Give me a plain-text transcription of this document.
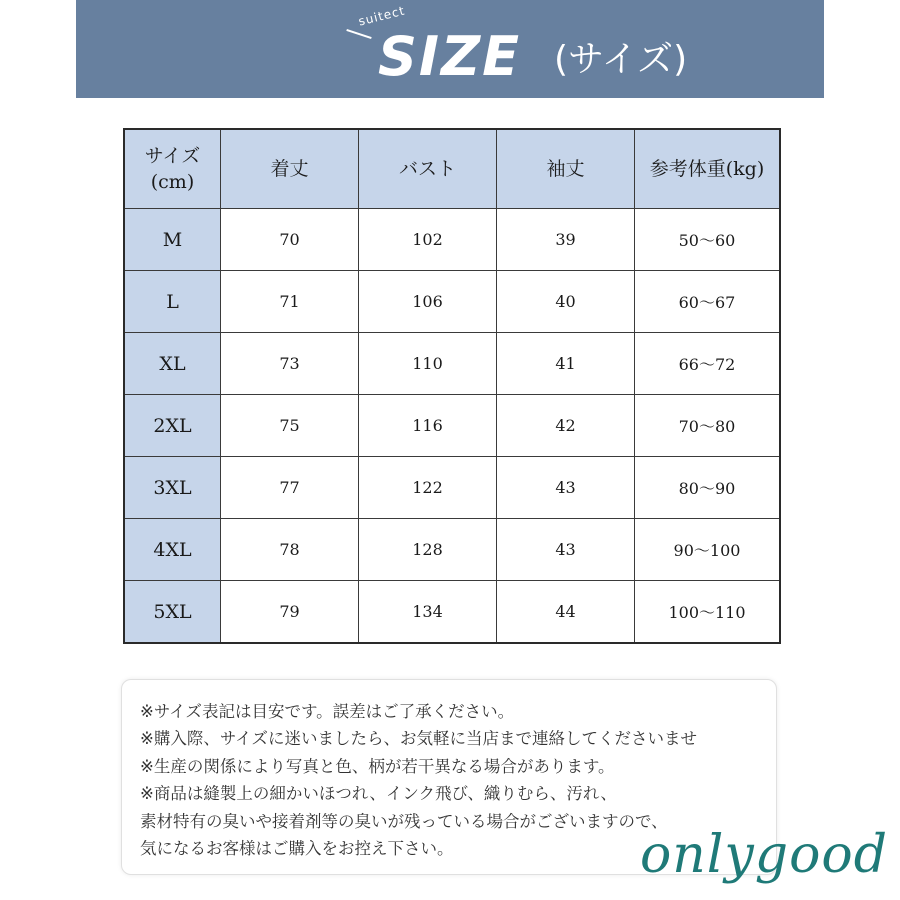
suitect
SIZE (サイズ)
サイズ
(cm)	着丈	バスト	袖丈	参考体重(kg)
M	70	102	39	50〜60
L	71	106	40	60〜67
XL	73	110	41	66〜72
2XL	75	116	42	70〜80
3XL	77	122	43	80〜90
4XL	78	128	43	90〜100
5XL	79	134	44	100〜110
※サイズ表記は目安です。誤差はご了承ください。
※購入際、サイズに迷いましたら、お気軽に当店まで連絡してくださいませ
※生産の関係により写真と色、柄が若干異なる場合があります。
※商品は縫製上の細かいほつれ、インク飛び、織りむら、汚れ、
素材特有の臭いや接着剤等の臭いが残っている場合がございますので、
気になるお客様はご購入をお控え下さい。	onlygood
